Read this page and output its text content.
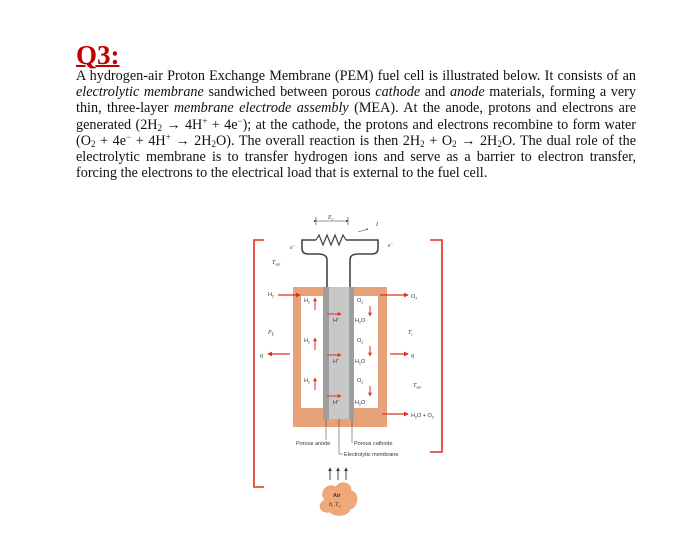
Q3:
A hydrogen-air Proton Exchange Membrane (PEM) fuel cell is illustrated below. It consists of an electrolytic membrane sandwiched between porous cathode and anode materials, forming a very thin, three-layer membrane electrode assembly (MEA). At the anode, protons and electrons are generated $(2H_2 \to 4H^+ + 4e^-)$; at the cathode, the protons and electrons recombine to form water $(O_2 + 4e^- + 4H^+ \to 2H_2O)$. The overall reaction is then $2H_2 + O_2 \to 2H_2O$. The dual role of the electrolytic membrane is to transfer hydrogen ions and serve as a barrier to electron transfer, forcing the electrons to the electrical load that is external to the fuel cell.
$E_c$
I
e−	e−
$T_{sur}$
$H_2$
$H_2$
$H_2$
$O_2$
$O_2$
$O_2$
H+
H+
H+
$H_2O$
$H_2O$
$H_2O$
$H_2$	$O_2$
$P_E$
q
$T_c$
q
$T_{sur}$
$H_2O + O_2$
Porous anode	Porous cathode
Electrolytic membrane
Air
h, $T_\infty$
